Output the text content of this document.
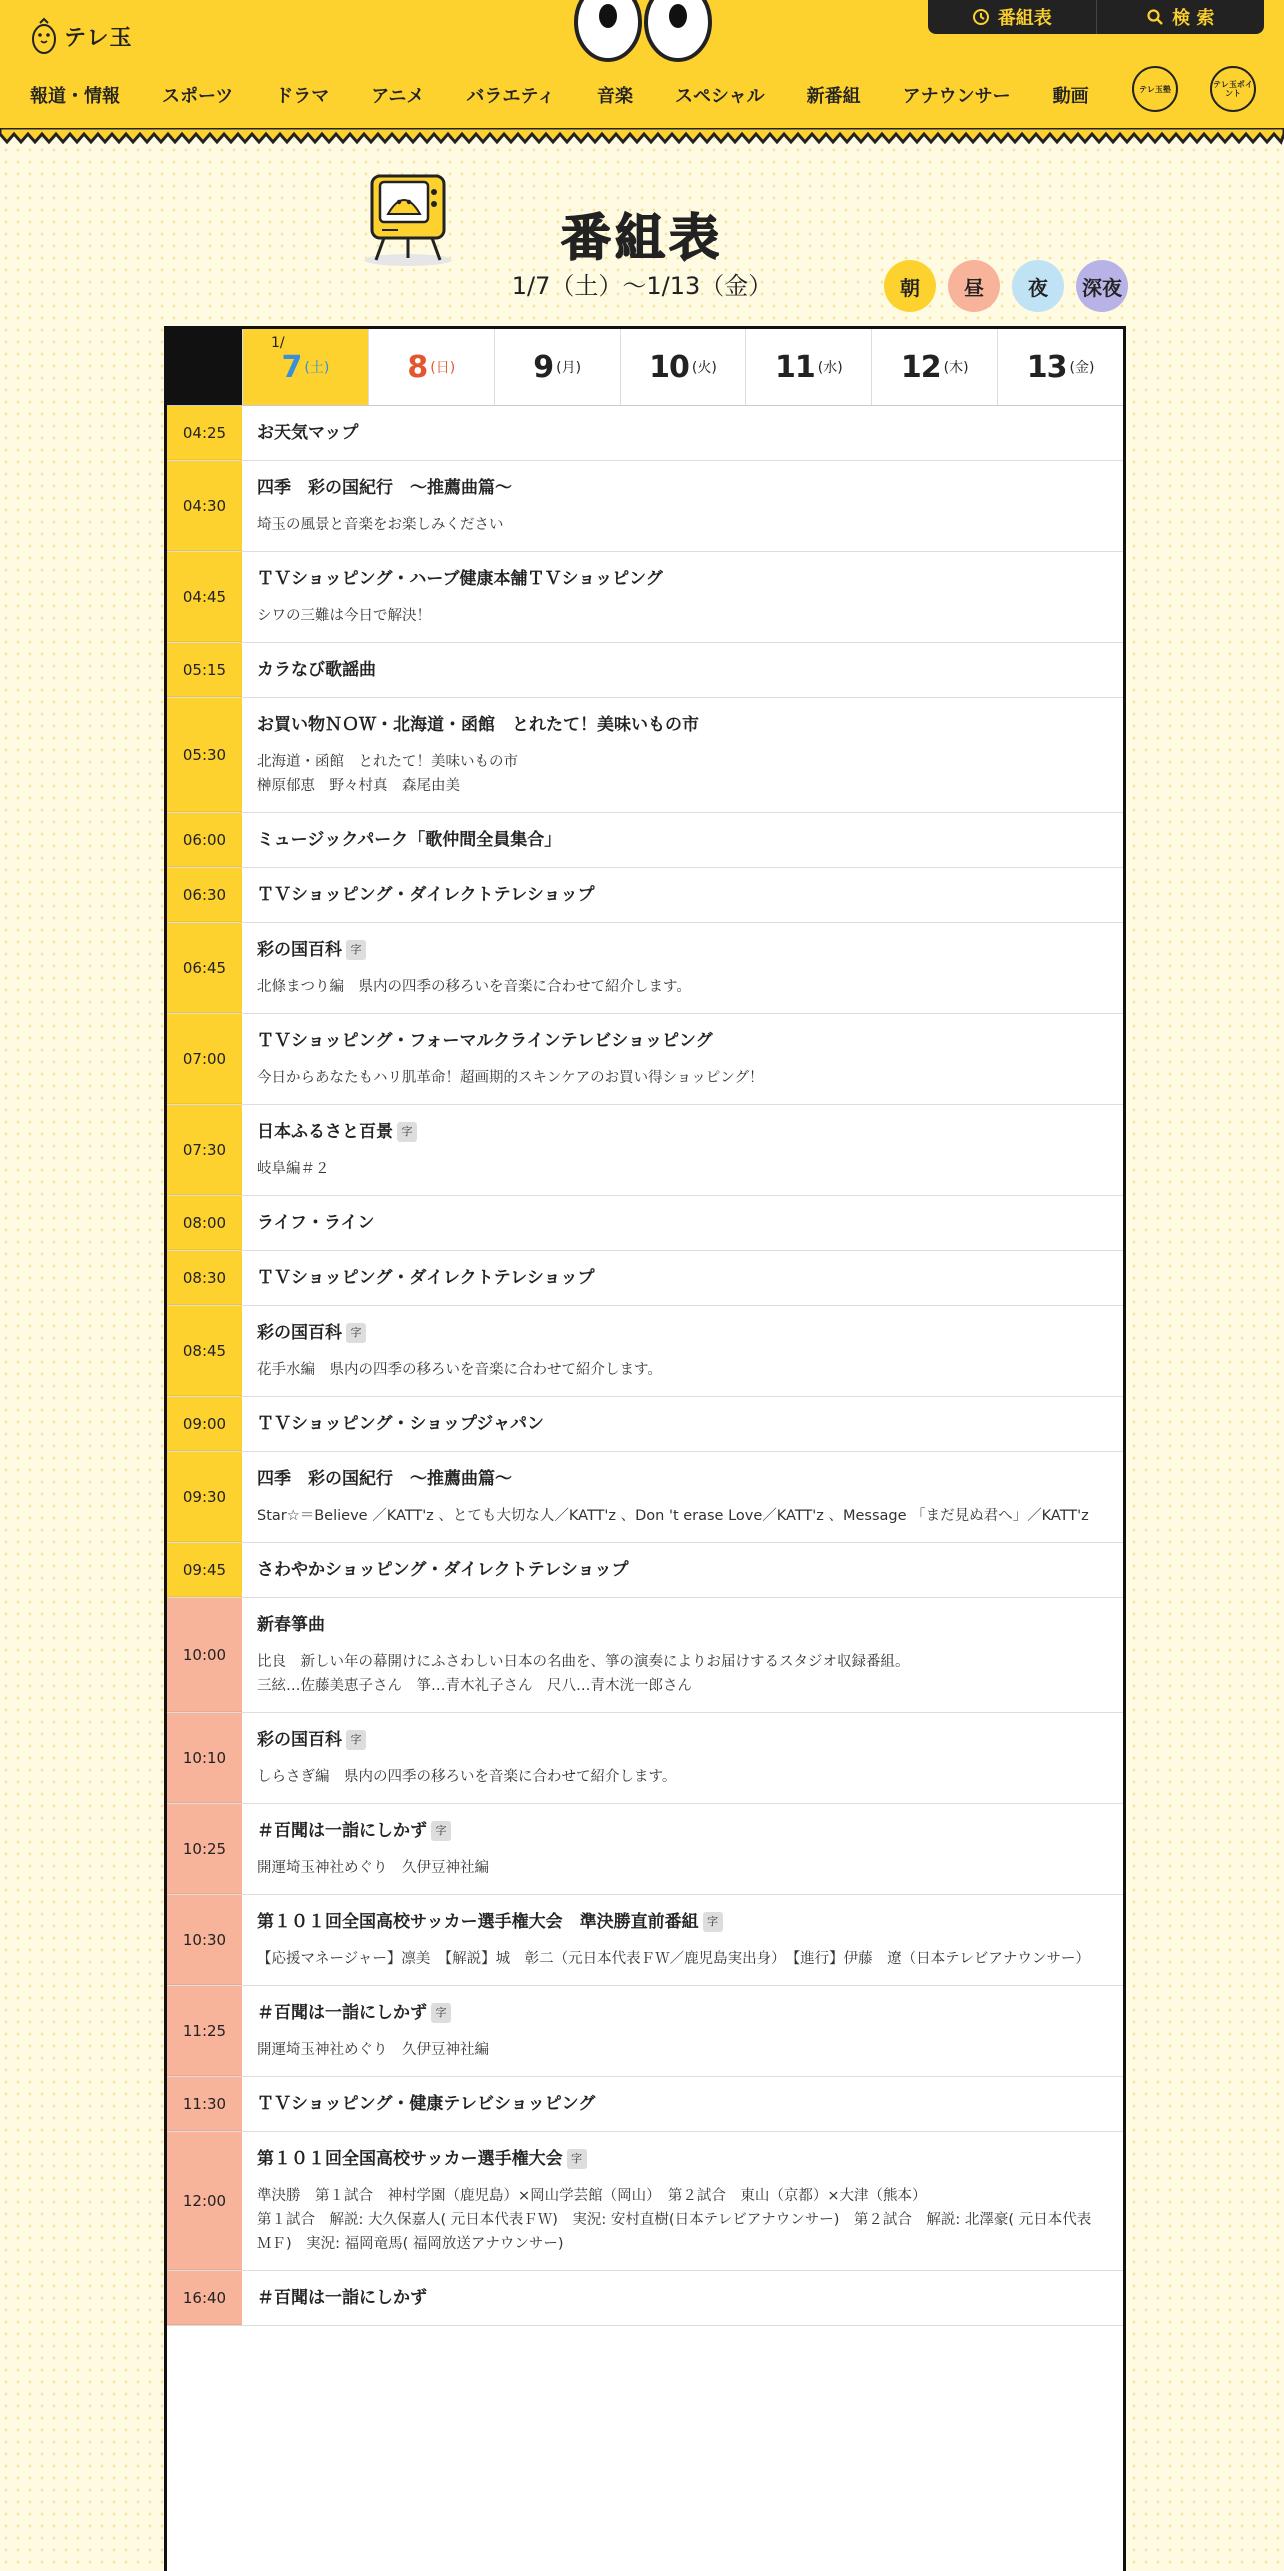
テレ玉
番組表	検 索
報道・情報 スポーツ ドラマ アニメ バラエティ 音楽 スペシャル 新番組 アナウンサー 動画	テレ玉塾	テレ玉ポイント
番組表
1/7（土）〜1/13（金）	朝	昼	夜	深夜
1/
7 (土)	8 (日)	9 (月) 10 (火) 11 (水) 12 (木) 13 (金)
04:25	お天気マップ
04:30
四季　彩の国紀行　～推薦曲篇～
埼玉の風景と音楽をお楽しみください
04:45
ＴＶショッピング・ハーブ健康本舗ＴＶショッピング
シワの三難は今日で解決！
05:15	カラなび歌謡曲
05:30
お買い物ＮＯＷ・北海道・函館　とれたて！美味いもの市
北海道・函館　とれたて！美味いもの市
榊原郁恵　野々村真　森尾由美
06:00	ミュージックパーク「歌仲間全員集合」
06:30	ＴＶショッピング・ダイレクトテレショップ
06:45
彩の国百科 字
北條まつり編　県内の四季の移ろいを音楽に合わせて紹介します。
07:00
ＴＶショッピング・フォーマルクラインテレビショッピング
今日からあなたもハリ肌革命！超画期的スキンケアのお買い得ショッピング！
07:30
日本ふるさと百景 字
岐阜編＃２
08:00	ライフ・ライン
08:30	ＴＶショッピング・ダイレクトテレショップ
08:45
彩の国百科 字
花手水編　県内の四季の移ろいを音楽に合わせて紹介します。
09:00	ＴＶショッピング・ショップジャパン
09:30
四季　彩の国紀行　～推薦曲篇～
Star☆＝Believe ／KATT'z 、とても大切な人／KATT'z 、Don 't erase Love／KATT'z 、Message 「まだ見ぬ君へ」／KATT'z
09:45	さわやかショッピング・ダイレクトテレショップ
10:00
新春箏曲
比良　新しい年の幕開けにふさわしい日本の名曲を、箏の演奏によりお届けするスタジオ収録番組。
三絃…佐藤美恵子さん　箏…青木礼子さん　尺八…青木洸一郎さん
10:10
彩の国百科 字
しらさぎ編　県内の四季の移ろいを音楽に合わせて紹介します。
10:25
＃百聞は一詣にしかず 字
開運埼玉神社めぐり　久伊豆神社編
10:30
第１０１回全国高校サッカー選手権大会　準決勝直前番組 字
【応援マネージャー】凛美　【解説】城　彰二（元日本代表ＦＷ／鹿児島実出身）　【進行】伊藤　遼（日本テレビアナウンサー）
11:25
＃百聞は一詣にしかず 字
開運埼玉神社めぐり　久伊豆神社編
11:30	ＴＶショッピング・健康テレビショッピング
12:00
第１０１回全国高校サッカー選手権大会 字
準決勝　第１試合　神村学園（鹿児島）×岡山学芸館（岡山）　第２試合　東山（京都）×大津（熊本）
第１試合　解説: 大久保嘉人( 元日本代表ＦＷ)　実況: 安村直樹(日本テレビアナウンサー)　第２試合　解説: 北澤豪( 元日本代表ＭＦ)　実況: 福岡竜馬( 福岡放送アナウンサー)
16:40	＃百聞は一詣にしかず
